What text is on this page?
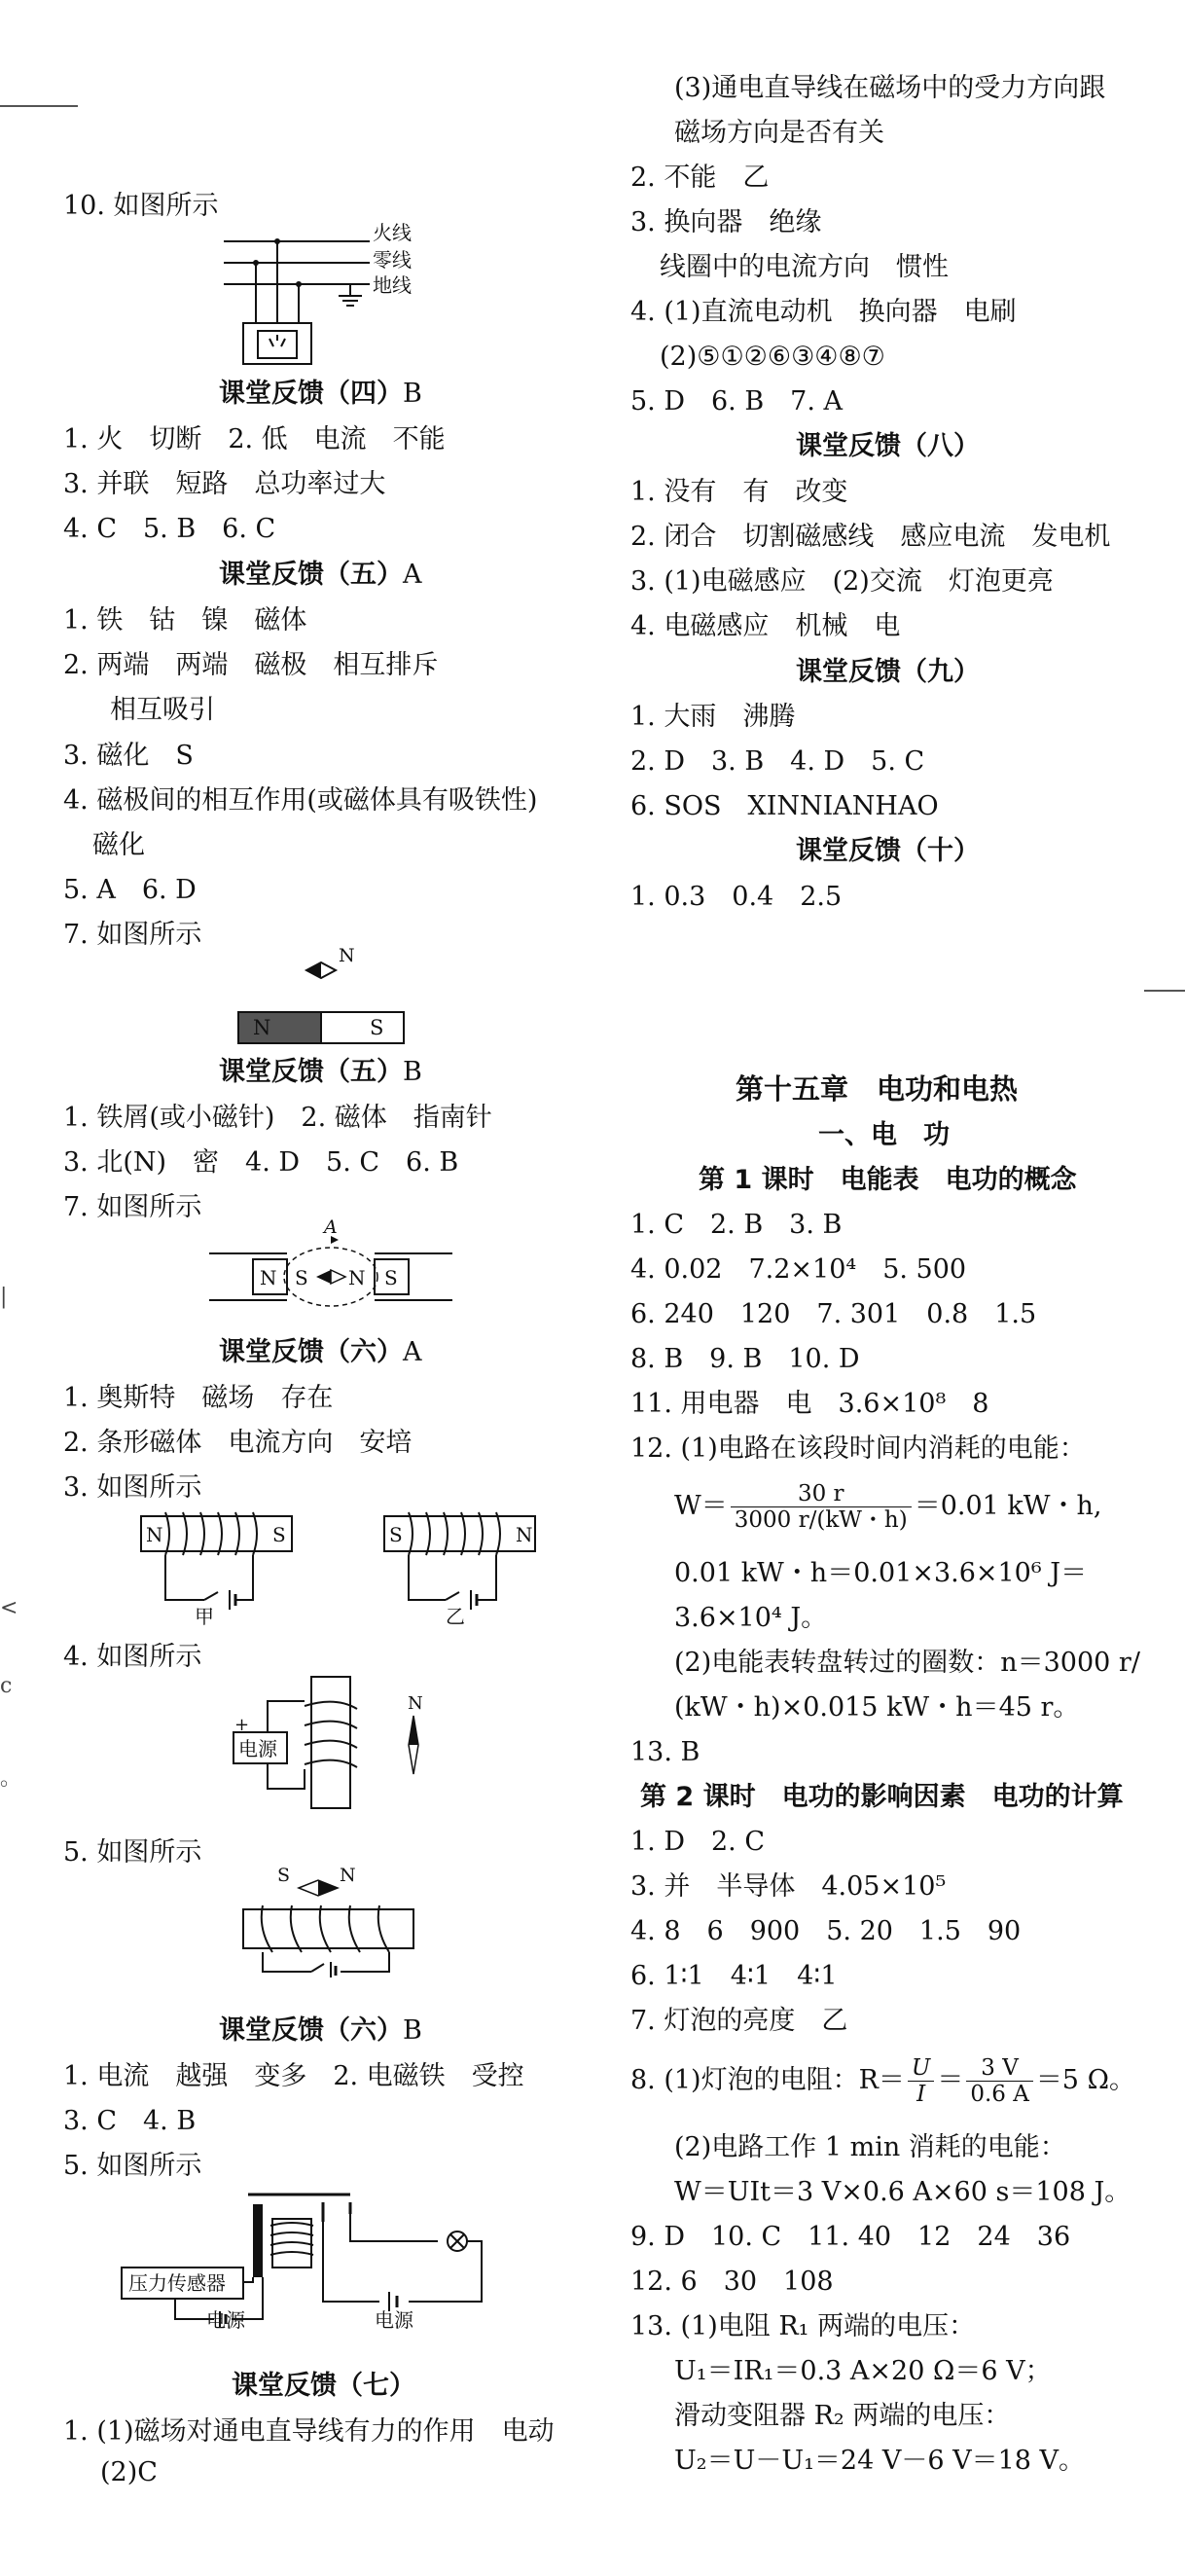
|
<
c
。
10. 如图所示
火线
零线
地线
课堂反馈（四）B
1. 火　切断　2. 低　电流　不能
3. 并联　短路　总功率过大
4. C　5. B　6. C
课堂反馈（五）A
1. 铁　钴　镍　磁体
2. 两端　两端　磁极　相互排斥
相互吸引
3. 磁化　S
4. 磁极间的相互作用(或磁体具有吸铁性)
磁化
5. A　6. D
7. 如图所示
N
N	S
课堂反馈（五）B
1. 铁屑(或小磁针)　2. 磁体　指南针
3. 北(N)　密　4. D　5. C　6. B
7. 如图所示
A
N S N S
课堂反馈（六）A
1. 奥斯特　磁场　存在
2. 条形磁体　电流方向　安培
3. 如图所示
N	S
甲
S	N
乙
4. 如图所示
+
电源
N
5. 如图所示
S	N
课堂反馈（六）B
1. 电流　越强　变多　2. 电磁铁　受控
3. C　4. B
5. 如图所示
压力传感器
电源	电源
课堂反馈（七）
1. (1)磁场对通电直导线有力的作用　电动
(2)C
(3)通电直导线在磁场中的受力方向跟
磁场方向是否有关
2. 不能　乙
3. 换向器　绝缘
线圈中的电流方向　惯性
4. (1)直流电动机　换向器　电刷
(2)⑤①②⑥③④⑧⑦
5. D　6. B　7. A
课堂反馈（八）
1. 没有　有　改变
2. 闭合　切割磁感线　感应电流　发电机
3. (1)电磁感应　(2)交流　灯泡更亮
4. 电磁感应　机械　电
课堂反馈（九）
1. 大雨　沸腾
2. D　3. B　4. D　5. C
6. SOS　XINNIANHAO
课堂反馈（十）
1. 0.3　0.4　2.5
第十五章　电功和电热
一、电　功
第 1 课时　电能表　电功的概念
1. C　2. B　3. B
4. 0.02　7.2×10⁴　5. 500
6. 240　120　7. 301　0.8　1.5
8. B　9. B　10. D
11. 用电器　电　3.6×10⁸　8
12. (1)电路在该段时间内消耗的电能：
$W= \frac{30 r}{3000 r/(kW・h)} =0.01$ kW・h,
0.01 kW・h＝0.01×3.6×10⁶ J＝
3.6×10⁴ J。
(2)电能表转盘转过的圈数：n＝3000 r/
(kW・h)×0.015 kW・h＝45 r。
13. B
第 2 课时　电功的影响因素　电功的计算
1. D　2. C
3. 并　半导体　4.05×10⁵
4. 8　6　900　5. 20　1.5　90
6. 1∶1　4∶1　4∶1
7. 灯泡的亮度　乙
8. (1)灯泡的电阻：$R= \frac{U}{I} = \frac{3 V}{0.6 A} =5$ Ω。
(2)电路工作 1 min 消耗的电能：
W＝UIt＝3 V×0.6 A×60 s＝108 J。
9. D　10. C　11. 40　12　24　36
12. 6　30　108
13. (1)电阻 R₁ 两端的电压：
U₁＝IR₁＝0.3 A×20 Ω＝6 V；
滑动变阻器 R₂ 两端的电压：
U₂＝U－U₁＝24 V－6 V＝18 V。
